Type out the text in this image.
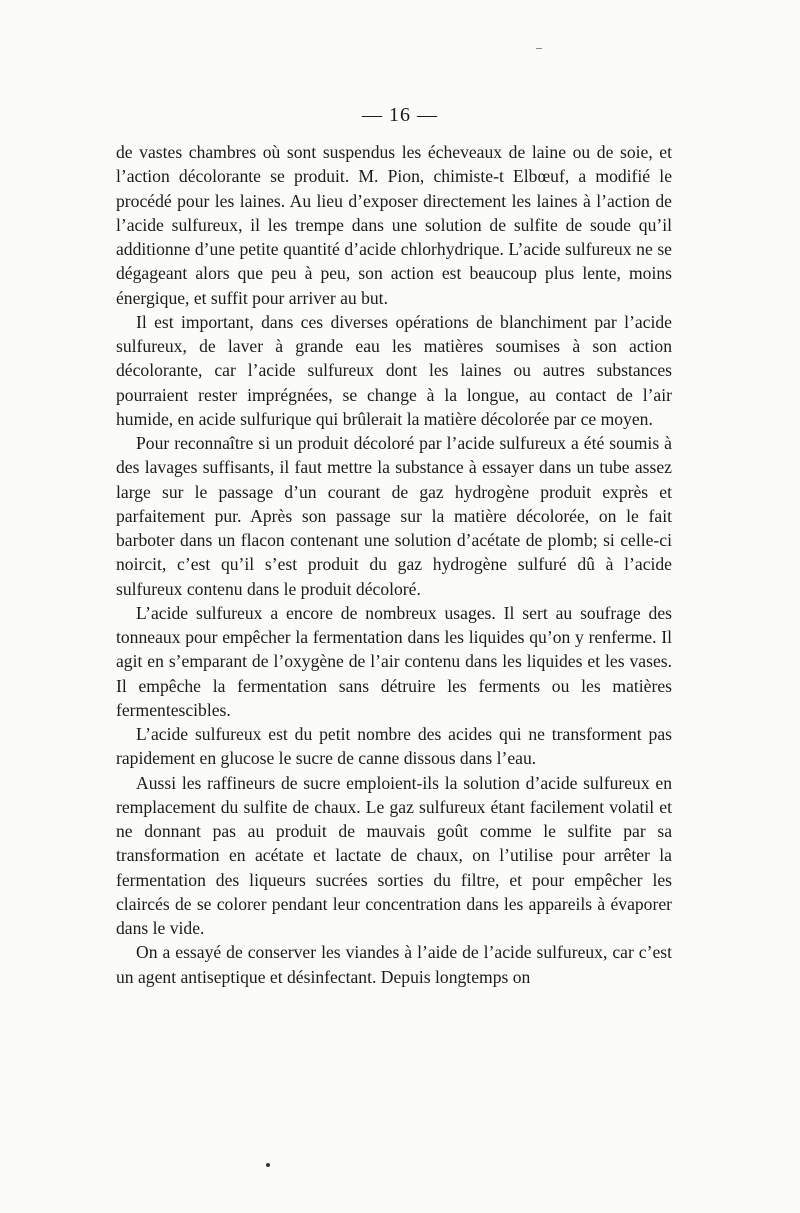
— 16 —

de vastes chambres où sont suspendus les écheveaux de laine ou de soie, et l’action décolorante se produit. M. Pion, chimiste-t Elbœuf, a modifié le procédé pour les laines. Au lieu d’exposer directement les laines à l’action de l’acide sulfureux, il les trempe dans une solution de sulfite de soude qu’il additionne d’une petite quantité d’acide chlorhydrique. L’acide sulfureux ne se dégageant alors que peu à peu, son action est beaucoup plus lente, moins énergique, et suffit pour arriver au but.

Il est important, dans ces diverses opérations de blanchiment par l’acide sulfureux, de laver à grande eau les matières soumises à son action décolorante, car l’acide sulfureux dont les laines ou autres substances pourraient rester imprégnées, se change à la longue, au contact de l’air humide, en acide sulfurique qui brûlerait la matière décolorée par ce moyen.

Pour reconnaître si un produit décoloré par l’acide sulfureux a été soumis à des lavages suffisants, il faut mettre la substance à essayer dans un tube assez large sur le passage d’un courant de gaz hydrogène produit exprès et parfaitement pur. Après son passage sur la matière décolorée, on le fait barboter dans un flacon contenant une solution d’acétate de plomb; si celle-ci noircit, c’est qu’il s’est produit du gaz hydrogène sulfuré dû à l’acide sulfureux contenu dans le produit décoloré.

L’acide sulfureux a encore de nombreux usages. Il sert au soufrage des tonneaux pour empêcher la fermentation dans les liquides qu’on y renferme. Il agit en s’emparant de l’oxygène de l’air contenu dans les liquides et les vases. Il empêche la fermentation sans détruire les ferments ou les matières fermentescibles.

L’acide sulfureux est du petit nombre des acides qui ne transforment pas rapidement en glucose le sucre de canne dissous dans l’eau.

Aussi les raffineurs de sucre emploient-ils la solution d’acide sulfureux en remplacement du sulfite de chaux. Le gaz sulfureux étant facilement volatil et ne donnant pas au produit de mauvais goût comme le sulfite par sa transformation en acétate et lactate de chaux, on l’utilise pour arrêter la fermentation des liqueurs sucrées sorties du filtre, et pour empêcher les claircés de se colorer pendant leur concentration dans les appareils à évaporer dans le vide.

On a essayé de conserver les viandes à l’aide de l’acide sulfureux, car c’est un agent antiseptique et désinfectant. Depuis longtemps on
